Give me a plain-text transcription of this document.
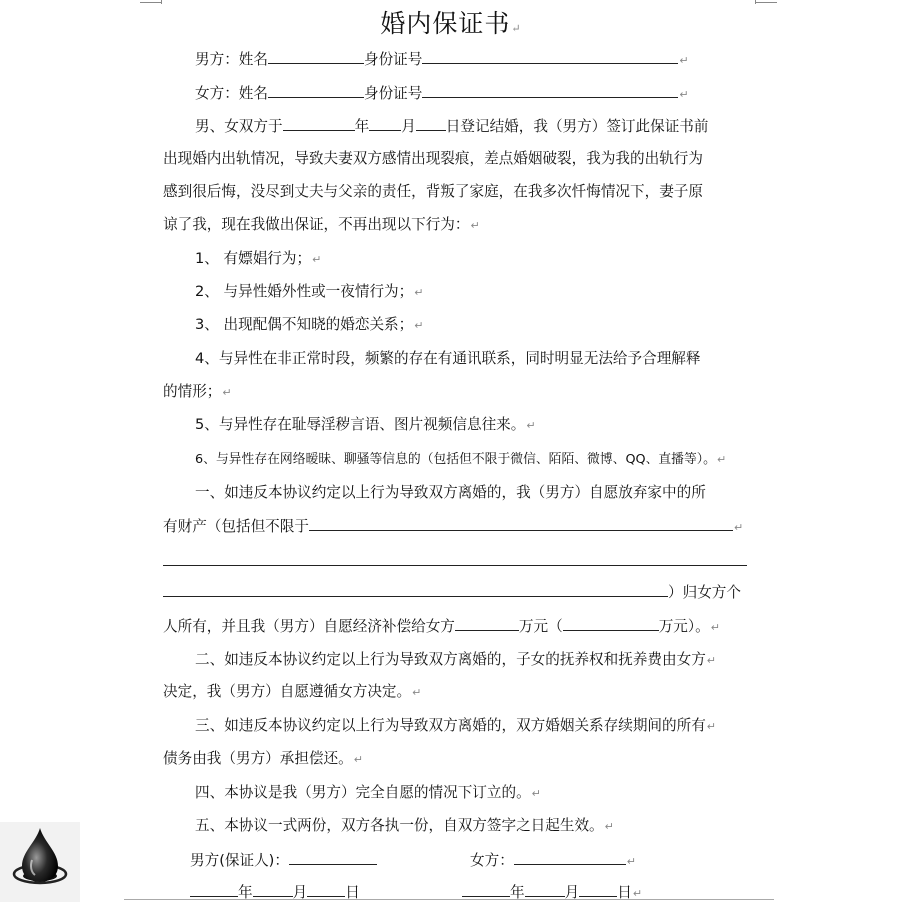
婚内保证书↵
男方：姓名	身份证号	↵
女方：姓名	身份证号	↵
男、女双方于	年 月 日登记结婚，我（男方）签订此保证书前
出现婚内出轨情况，导致夫妻双方感情出现裂痕，差点婚姻破裂，我为我的出轨行为
感到很后悔，没尽到丈夫与父亲的责任，背叛了家庭，在我多次忏悔情况下，妻子原
谅了我，现在我做出保证，不再出现以下行为：↵
1、 有嫖娼行为；↵
2、 与异性婚外性或一夜情行为；↵
3、 出现配偶不知晓的婚恋关系；↵
4、与异性在非正常时段，频繁的存在有通讯联系，同时明显无法给予合理解释
的情形；↵
5、与异性存在耻辱淫秽言语、图片视频信息往来。↵
6、与异性存在网络暧昧、聊骚等信息的（包括但不限于微信、陌陌、微博、QQ、直播等）。↵
一、如违反本协议约定以上行为导致双方离婚的，我（男方）自愿放弃家中的所
有财产（包括但不限于	↵
）归女方个
人所有，并且我（男方）自愿经济补偿给女方	万元（	万元）。↵
二、如违反本协议约定以上行为导致双方离婚的，子女的抚养权和抚养费由女方↵
决定，我（男方）自愿遵循女方决定。↵
三、如违反本协议约定以上行为导致双方离婚的，双方婚姻关系存续期间的所有↵
债务由我（男方）承担偿还。↵
四、本协议是我（男方）完全自愿的情况下订立的。↵
五、本协议一式两份，双方各执一份，自双方签字之日起生效。↵
男方(保证人)：	女方：	↵
年	月	日	年	月	日↵
